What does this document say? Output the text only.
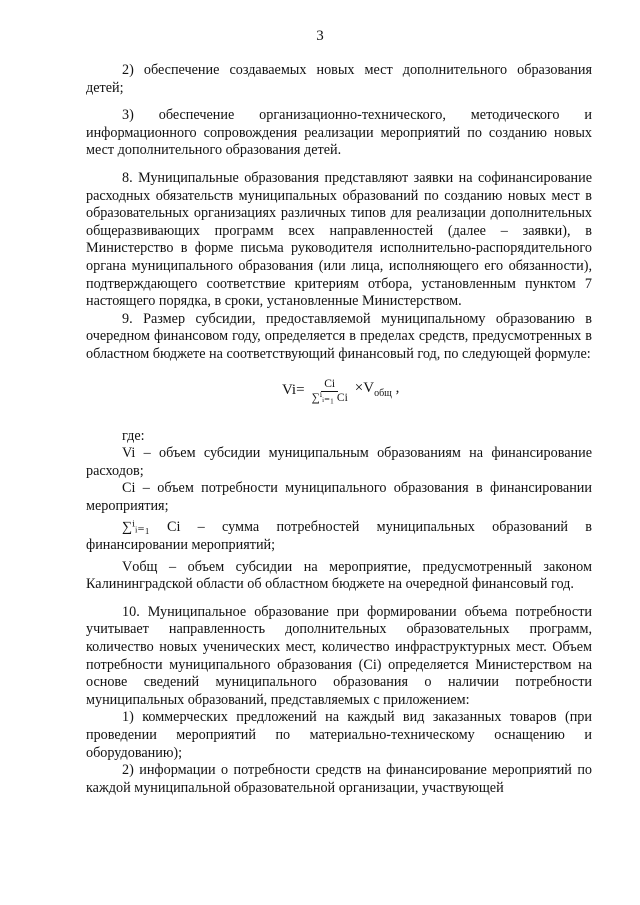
3

2) обеспечение создаваемых новых мест дополнительного образования детей;

3) обеспечение организационно-технического, методического и информационного сопровождения реализации мероприятий по созданию новых мест дополнительного образования детей.

8. Муниципальные образования представляют заявки на софинансирование расходных обязательств муниципальных образований по созданию новых мест в образовательных организациях различных типов для реализации дополнительных общеразвивающих программ всех направленностей (далее – заявки), в Министерство в форме письма руководителя исполнительно-распорядительного органа муниципального образования (или лица, исполняющего его обязанности), подтверждающего соответствие критериям отбора, установленным пунктом 7 настоящего порядка, в сроки, установленные Министерством.

9. Размер субсидии, предоставляемой муниципальному образованию в очередном финансовом году, определяется в пределах средств, предусмотренных в областном бюджете на соответствующий финансовый год, по следующей формуле:

$Vi= \frac{Ci}{\text{∑ⁱᵢ₌₁ Ci}} \times V_{общ}$ ,

где:

Vi – объем субсидии муниципальным образованиям на финансирование расходов;

Ci – объем потребности муниципального образования в финансировании мероприятия;

∑ⁱᵢ₌₁ Ci – сумма потребностей муниципальных образований в финансировании мероприятий;

Vобщ – объем субсидии на мероприятие, предусмотренный законом Калининградской области об областном бюджете на очередной финансовый год.

10. Муниципальное образование при формировании объема потребности учитывает направленность дополнительных образовательных программ, количество новых ученических мест, количество инфраструктурных мест. Объем потребности муниципального образования (Ci) определяется Министерством на основе сведений муниципального образования о наличии потребности муниципальных образований, представляемых с приложением:

1) коммерческих предложений на каждый вид заказанных товаров (при проведении мероприятий по материально-техническому оснащению и оборудованию);

2) информации о потребности средств на финансирование мероприятий по каждой муниципальной образовательной организации, участвующей
